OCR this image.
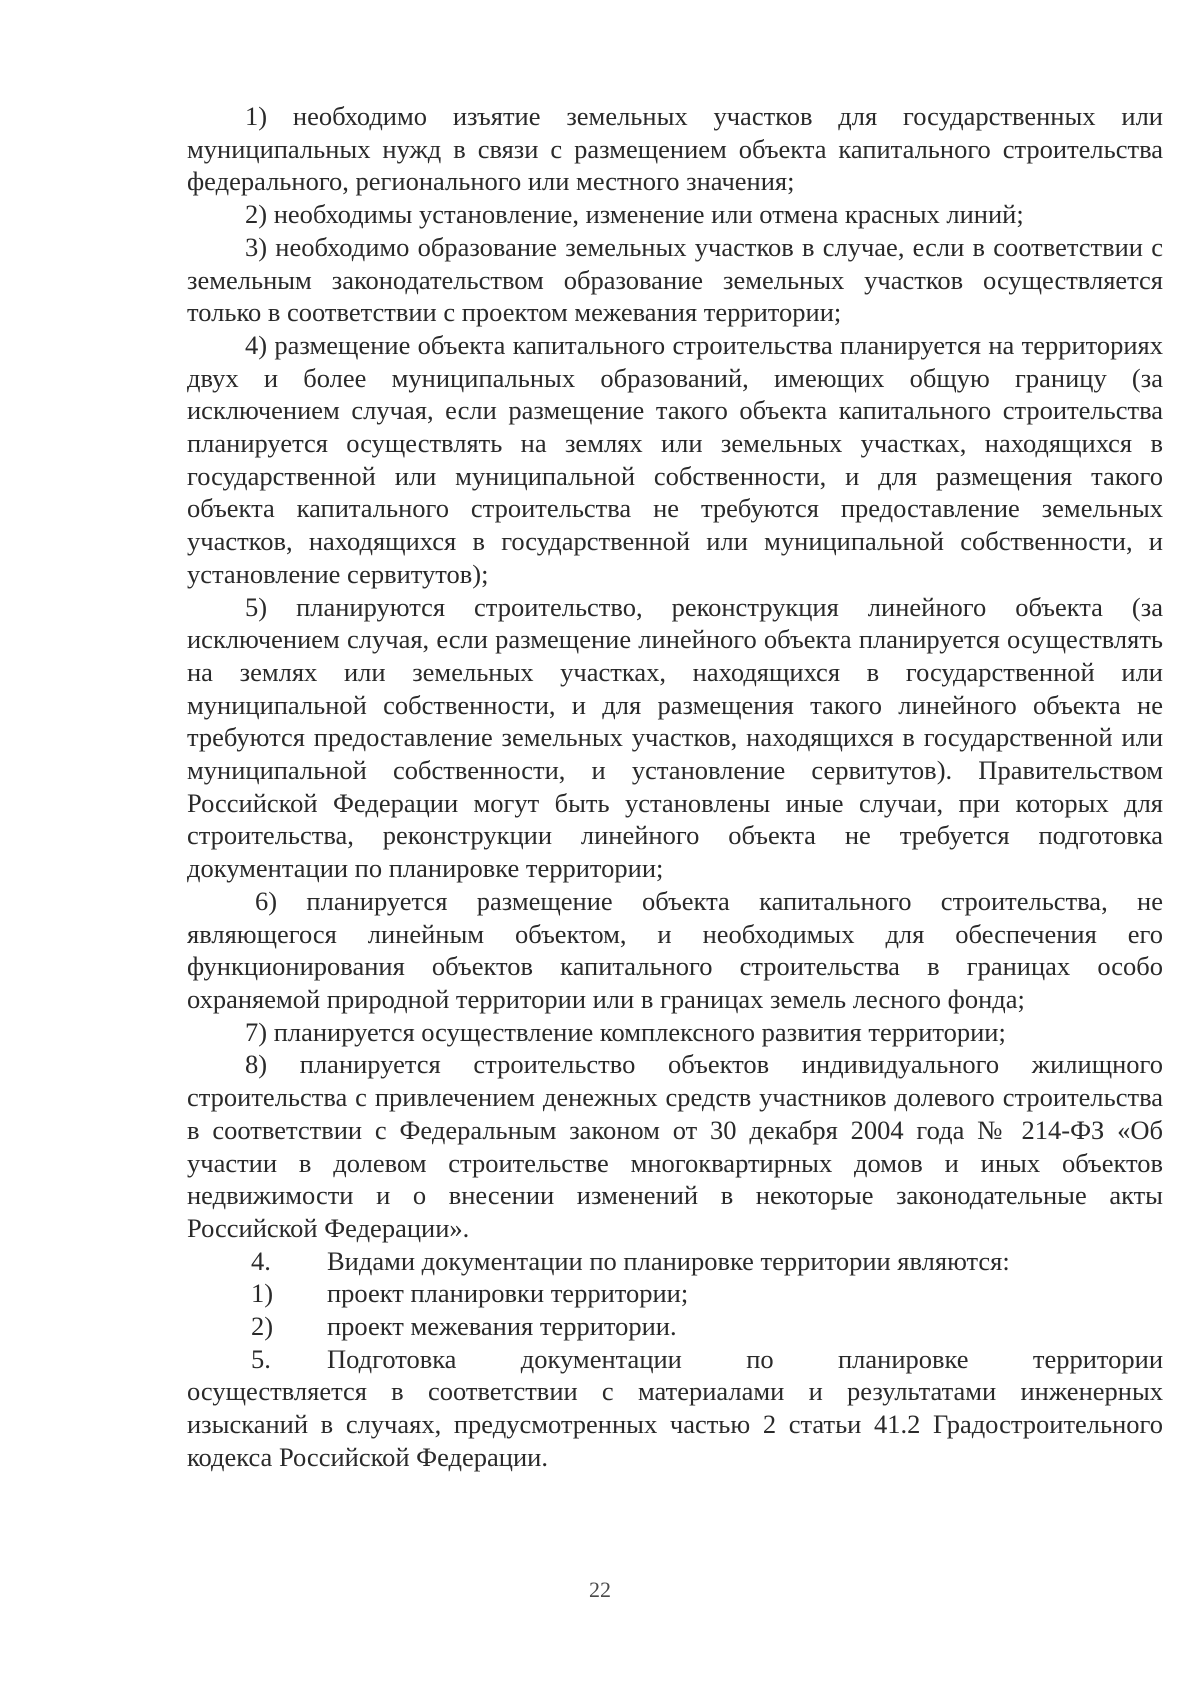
1) необходимо изъятие земельных участков для государственных или муниципальных нужд в связи с размещением объекта капитального строительства федерального, регионального или местного значения;

2) необходимы установление, изменение или отмена красных линий;

3) необходимо образование земельных участков в случае, если в соответствии с земельным законодательством образование земельных участков осуществляется только в соответствии с проектом межевания территории;

4) размещение объекта капитального строительства планируется на территориях двух и более муниципальных образований, имеющих общую границу (за исключением случая, если размещение такого объекта капитального строительства планируется осуществлять на землях или земельных участках, находящихся в государственной или муниципальной собственности, и для размещения такого объекта капитального строительства не требуются предоставление земельных участков, находящихся в государственной или муниципальной собственности, и установление сервитутов);

5) планируются строительство, реконструкция линейного объекта (за исключением случая, если размещение линейного объекта планируется осуществлять на землях или земельных участках, находящихся в государственной или муниципальной собственности, и для размещения такого линейного объекта не требуются предоставление земельных участков, находящихся в государственной или муниципальной собственности, и установление сервитутов). Правительством Российской Федерации могут быть установлены иные случаи, при которых для строительства, реконструкции линейного объекта не требуется подготовка документации по планировке территории;

6) планируется размещение объекта капитального строительства, не являющегося линейным объектом, и необходимых для обеспечения его функционирования объектов капитального строительства в границах особо охраняемой природной территории или в границах земель лесного фонда;

7) планируется осуществление комплексного развития территории;

8) планируется строительство объектов индивидуального жилищного строительства с привлечением денежных средств участников долевого строительства в соответствии с Федеральным законом от 30 декабря 2004 года № 214-ФЗ «Об участии в долевом строительстве многоквартирных домов и иных объектов недвижимости и о внесении изменений в некоторые законодательные акты Российской Федерации».

4.	Видами документации по планировке территории являются:
1)	проект планировки территории;
2)	проект межевания территории.

5. Подготовка документации по планировке территории

осуществляется в соответствии с материалами и результатами инженерных изысканий в случаях, предусмотренных частью 2 статьи 41.2 Градостроительного кодекса Российской Федерации.

22
